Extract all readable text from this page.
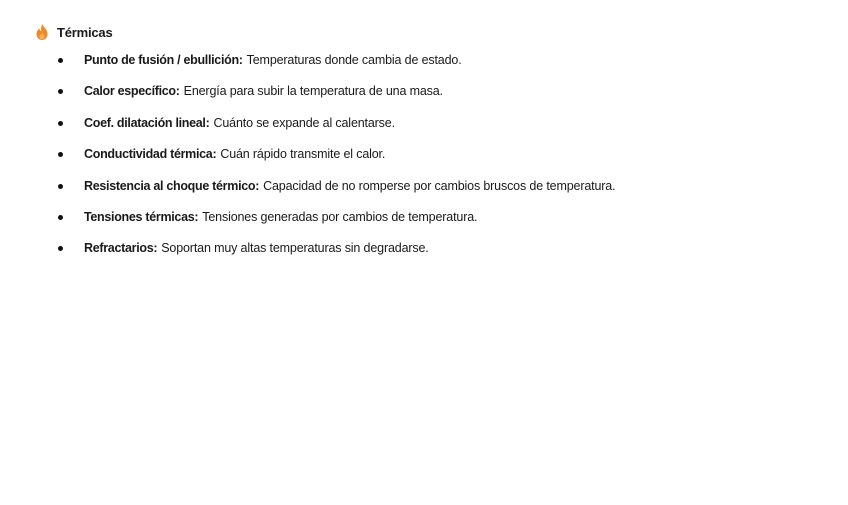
Térmicas
Punto de fusión / ebullición: Temperaturas donde cambia de estado.
Calor específico: Energía para subir la temperatura de una masa.
Coef. dilatación lineal: Cuánto se expande al calentarse.
Conductividad térmica: Cuán rápido transmite el calor.
Resistencia al choque térmico: Capacidad de no romperse por cambios bruscos de temperatura.
Tensiones térmicas: Tensiones generadas por cambios de temperatura.
Refractarios: Soportan muy altas temperaturas sin degradarse.
